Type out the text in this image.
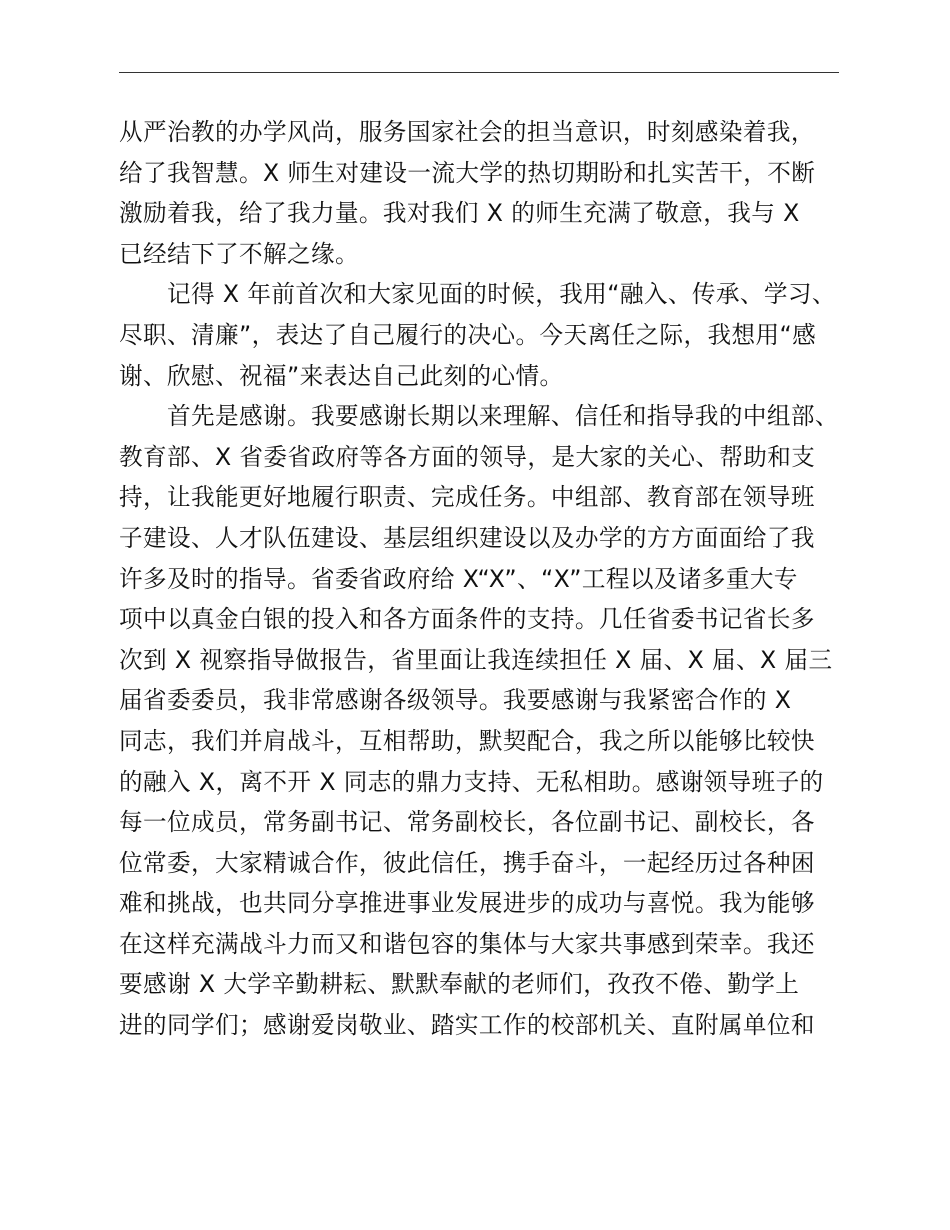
从严治教的办学风尚，服务国家社会的担当意识，时刻感染着我，
给了我智慧。X 师生对建设一流大学的热切期盼和扎实苦干，不断
激励着我，给了我力量。我对我们 X 的师生充满了敬意，我与 X
已经结下了不解之缘。
记得 X 年前首次和大家见面的时候，我用“融入、传承、学习、
尽职、清廉”，表达了自己履行的决心。今天离任之际，我想用“感
谢、欣慰、祝福”来表达自己此刻的心情。
首先是感谢。我要感谢长期以来理解、信任和指导我的中组部、
教育部、X 省委省政府等各方面的领导，是大家的关心、帮助和支
持，让我能更好地履行职责、完成任务。中组部、教育部在领导班
子建设、人才队伍建设、基层组织建设以及办学的方方面面给了我
许多及时的指导。省委省政府给 X“X”、“X”工程以及诸多重大专
项中以真金白银的投入和各方面条件的支持。几任省委书记省长多
次到 X 视察指导做报告，省里面让我连续担任 X 届、X 届、X 届三
届省委委员，我非常感谢各级领导。我要感谢与我紧密合作的 X
同志，我们并肩战斗，互相帮助，默契配合，我之所以能够比较快
的融入 X，离不开 X 同志的鼎力支持、无私相助。感谢领导班子的
每一位成员，常务副书记、常务副校长，各位副书记、副校长，各
位常委，大家精诚合作，彼此信任，携手奋斗，一起经历过各种困
难和挑战，也共同分享推进事业发展进步的成功与喜悦。我为能够
在这样充满战斗力而又和谐包容的集体与大家共事感到荣幸。我还
要感谢 X 大学辛勤耕耘、默默奉献的老师们，孜孜不倦、勤学上
进的同学们；感谢爱岗敬业、踏实工作的校部机关、直附属单位和
